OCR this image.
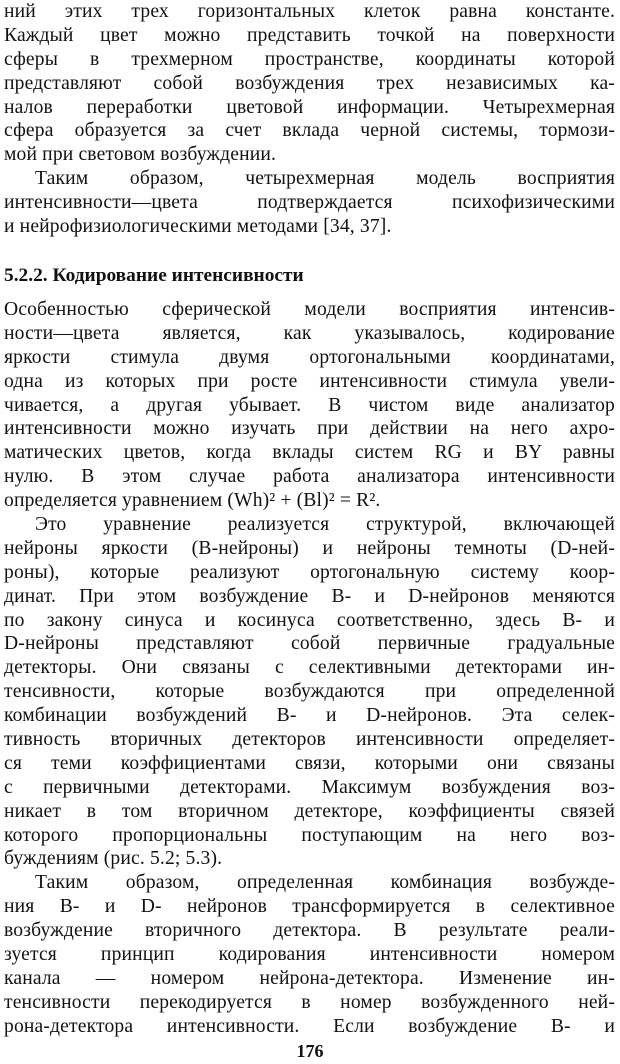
ний этих трех горизонтальных клеток равна константе.
Каждый цвет можно представить точкой на поверхности
сферы в трехмерном пространстве, координаты которой
представляют собой возбуждения трех независимых ка-
налов переработки цветовой информации. Четырехмерная
сфера образуется за счет вклада черной системы, тормози-
мой при световом возбуждении.
Таким образом, четырехмерная модель восприятия
интенсивности—цвета подтверждается психофизическими
и нейрофизиологическими методами [34, 37].
5.2.2. Кодирование интенсивности
Особенностью сферической модели восприятия интенсив-
ности—цвета является, как указывалось, кодирование
яркости стимула двумя ортогональными координатами,
одна из которых при росте интенсивности стимула увели-
чивается, а другая убывает. В чистом виде анализатор
интенсивности можно изучать при действии на него ахро-
матических цветов, когда вклады систем RG и BY равны
нулю. В этом случае работа анализатора интенсивности
определяется уравнением (Wh)² + (Bl)² = R².
Это уравнение реализуется структурой, включающей
нейроны яркости (В-нейроны) и нейроны темноты (D-ней-
роны), которые реализуют ортогональную систему коор-
динат. При этом возбуждение В- и D-нейронов меняются
по закону синуса и косинуса соответственно, здесь В- и
D-нейроны представляют собой первичные градуальные
детекторы. Они связаны с селективными детекторами ин-
тенсивности, которые возбуждаются при определенной
комбинации возбуждений В- и D-нейронов. Эта селек-
тивность вторичных детекторов интенсивности определяет-
ся теми коэффициентами связи, которыми они связаны
с первичными детекторами. Максимум возбуждения воз-
никает в том вторичном детекторе, коэффициенты связей
которого пропорциональны поступающим на него воз-
буждениям (рис. 5.2; 5.3).
Таким образом, определенная комбинация возбужде-
ния В- и D- нейронов трансформируется в селективное
возбуждение вторичного детектора. В результате реали-
зуется принцип кодирования интенсивности номером
канала — номером нейрона-детектора. Изменение ин-
тенсивности перекодируется в номер возбужденного ней-
рона-детектора интенсивности. Если возбуждение В- и
176
